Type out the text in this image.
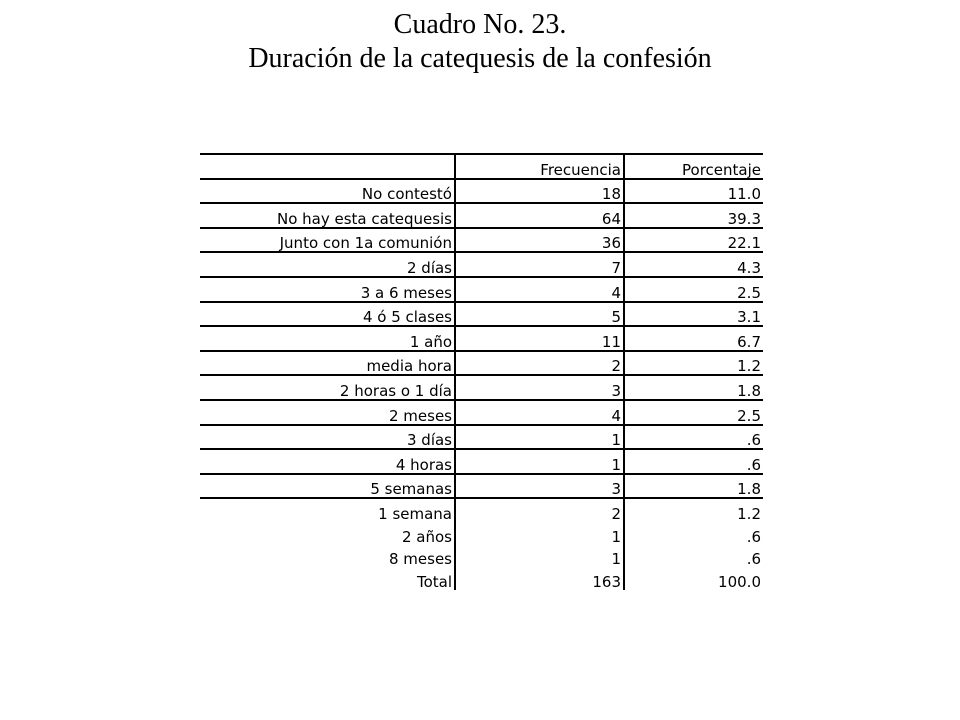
Cuadro No. 23.
Duración de la catequesis de la confesión
	Frecuencia	Porcentaje
No contestó	18	11.0
No hay esta catequesis	64	39.3
Junto con 1a comunión	36	22.1
2 días	7	4.3
3 a 6 meses	4	2.5
4 ó 5 clases	5	3.1
1 año	11	6.7
media hora	2	1.2
2 horas o 1 día	3	1.8
2 meses	4	2.5
3 días	1	.6
4 horas	1	.6
5 semanas	3	1.8
1 semana	2	1.2
2 años	1	.6
8 meses	1	.6
Total	163	100.0
